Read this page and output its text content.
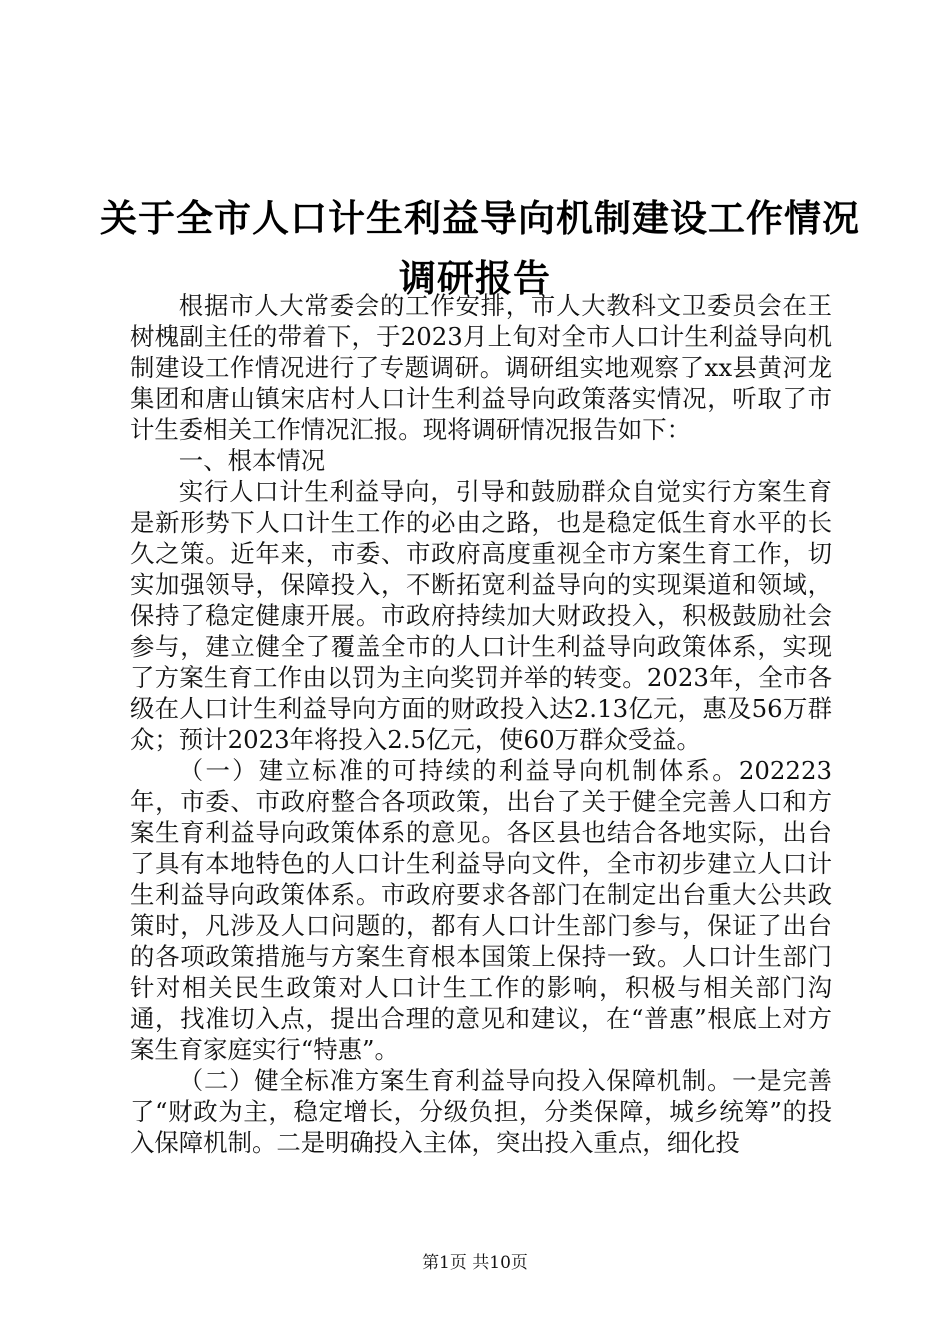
关于全市人口计生利益导向机制建设工作情况
调研报告

根据市人大常委会的工作安排，市人大教科文卫委员会在王树槐副主任的带着下，于2023月上旬对全市人口计生利益导向机制建设工作情况进行了专题调研。调研组实地观察了xx县黄河龙集团和唐山镇宋店村人口计生利益导向政策落实情况，听取了市计生委相关工作情况汇报。现将调研情况报告如下：

一、根本情况

实行人口计生利益导向，引导和鼓励群众自觉实行方案生育是新形势下人口计生工作的必由之路，也是稳定低生育水平的长久之策。近年来，市委、市政府高度重视全市方案生育工作，切实加强领导，保障投入，不断拓宽利益导向的实现渠道和领域，保持了稳定健康开展。市政府持续加大财政投入，积极鼓励社会参与，建立健全了覆盖全市的人口计生利益导向政策体系，实现了方案生育工作由以罚为主向奖罚并举的转变。2023年，全市各级在人口计生利益导向方面的财政投入达2.13亿元，惠及56万群众；预计2023年将投入2.5亿元，使60万群众受益。

（一）建立标准的可持续的利益导向机制体系。202223年，市委、市政府整合各项政策，出台了关于健全完善人口和方案生育利益导向政策体系的意见。各区县也结合各地实际，出台了具有本地特色的人口计生利益导向文件，全市初步建立人口计生利益导向政策体系。市政府要求各部门在制定出台重大公共政策时，凡涉及人口问题的，都有人口计生部门参与，保证了出台的各项政策措施与方案生育根本国策上保持一致。人口计生部门针对相关民生政策对人口计生工作的影响，积极与相关部门沟通，找准切入点，提出合理的意见和建议，在“普惠”根底上对方案生育家庭实行“特惠”。

（二）健全标准方案生育利益导向投入保障机制。一是完善了“财政为主，稳定增长，分级负担，分类保障，城乡统筹”的投入保障机制。二是明确投入主体，突出投入重点，细化投

第1页 共10页
